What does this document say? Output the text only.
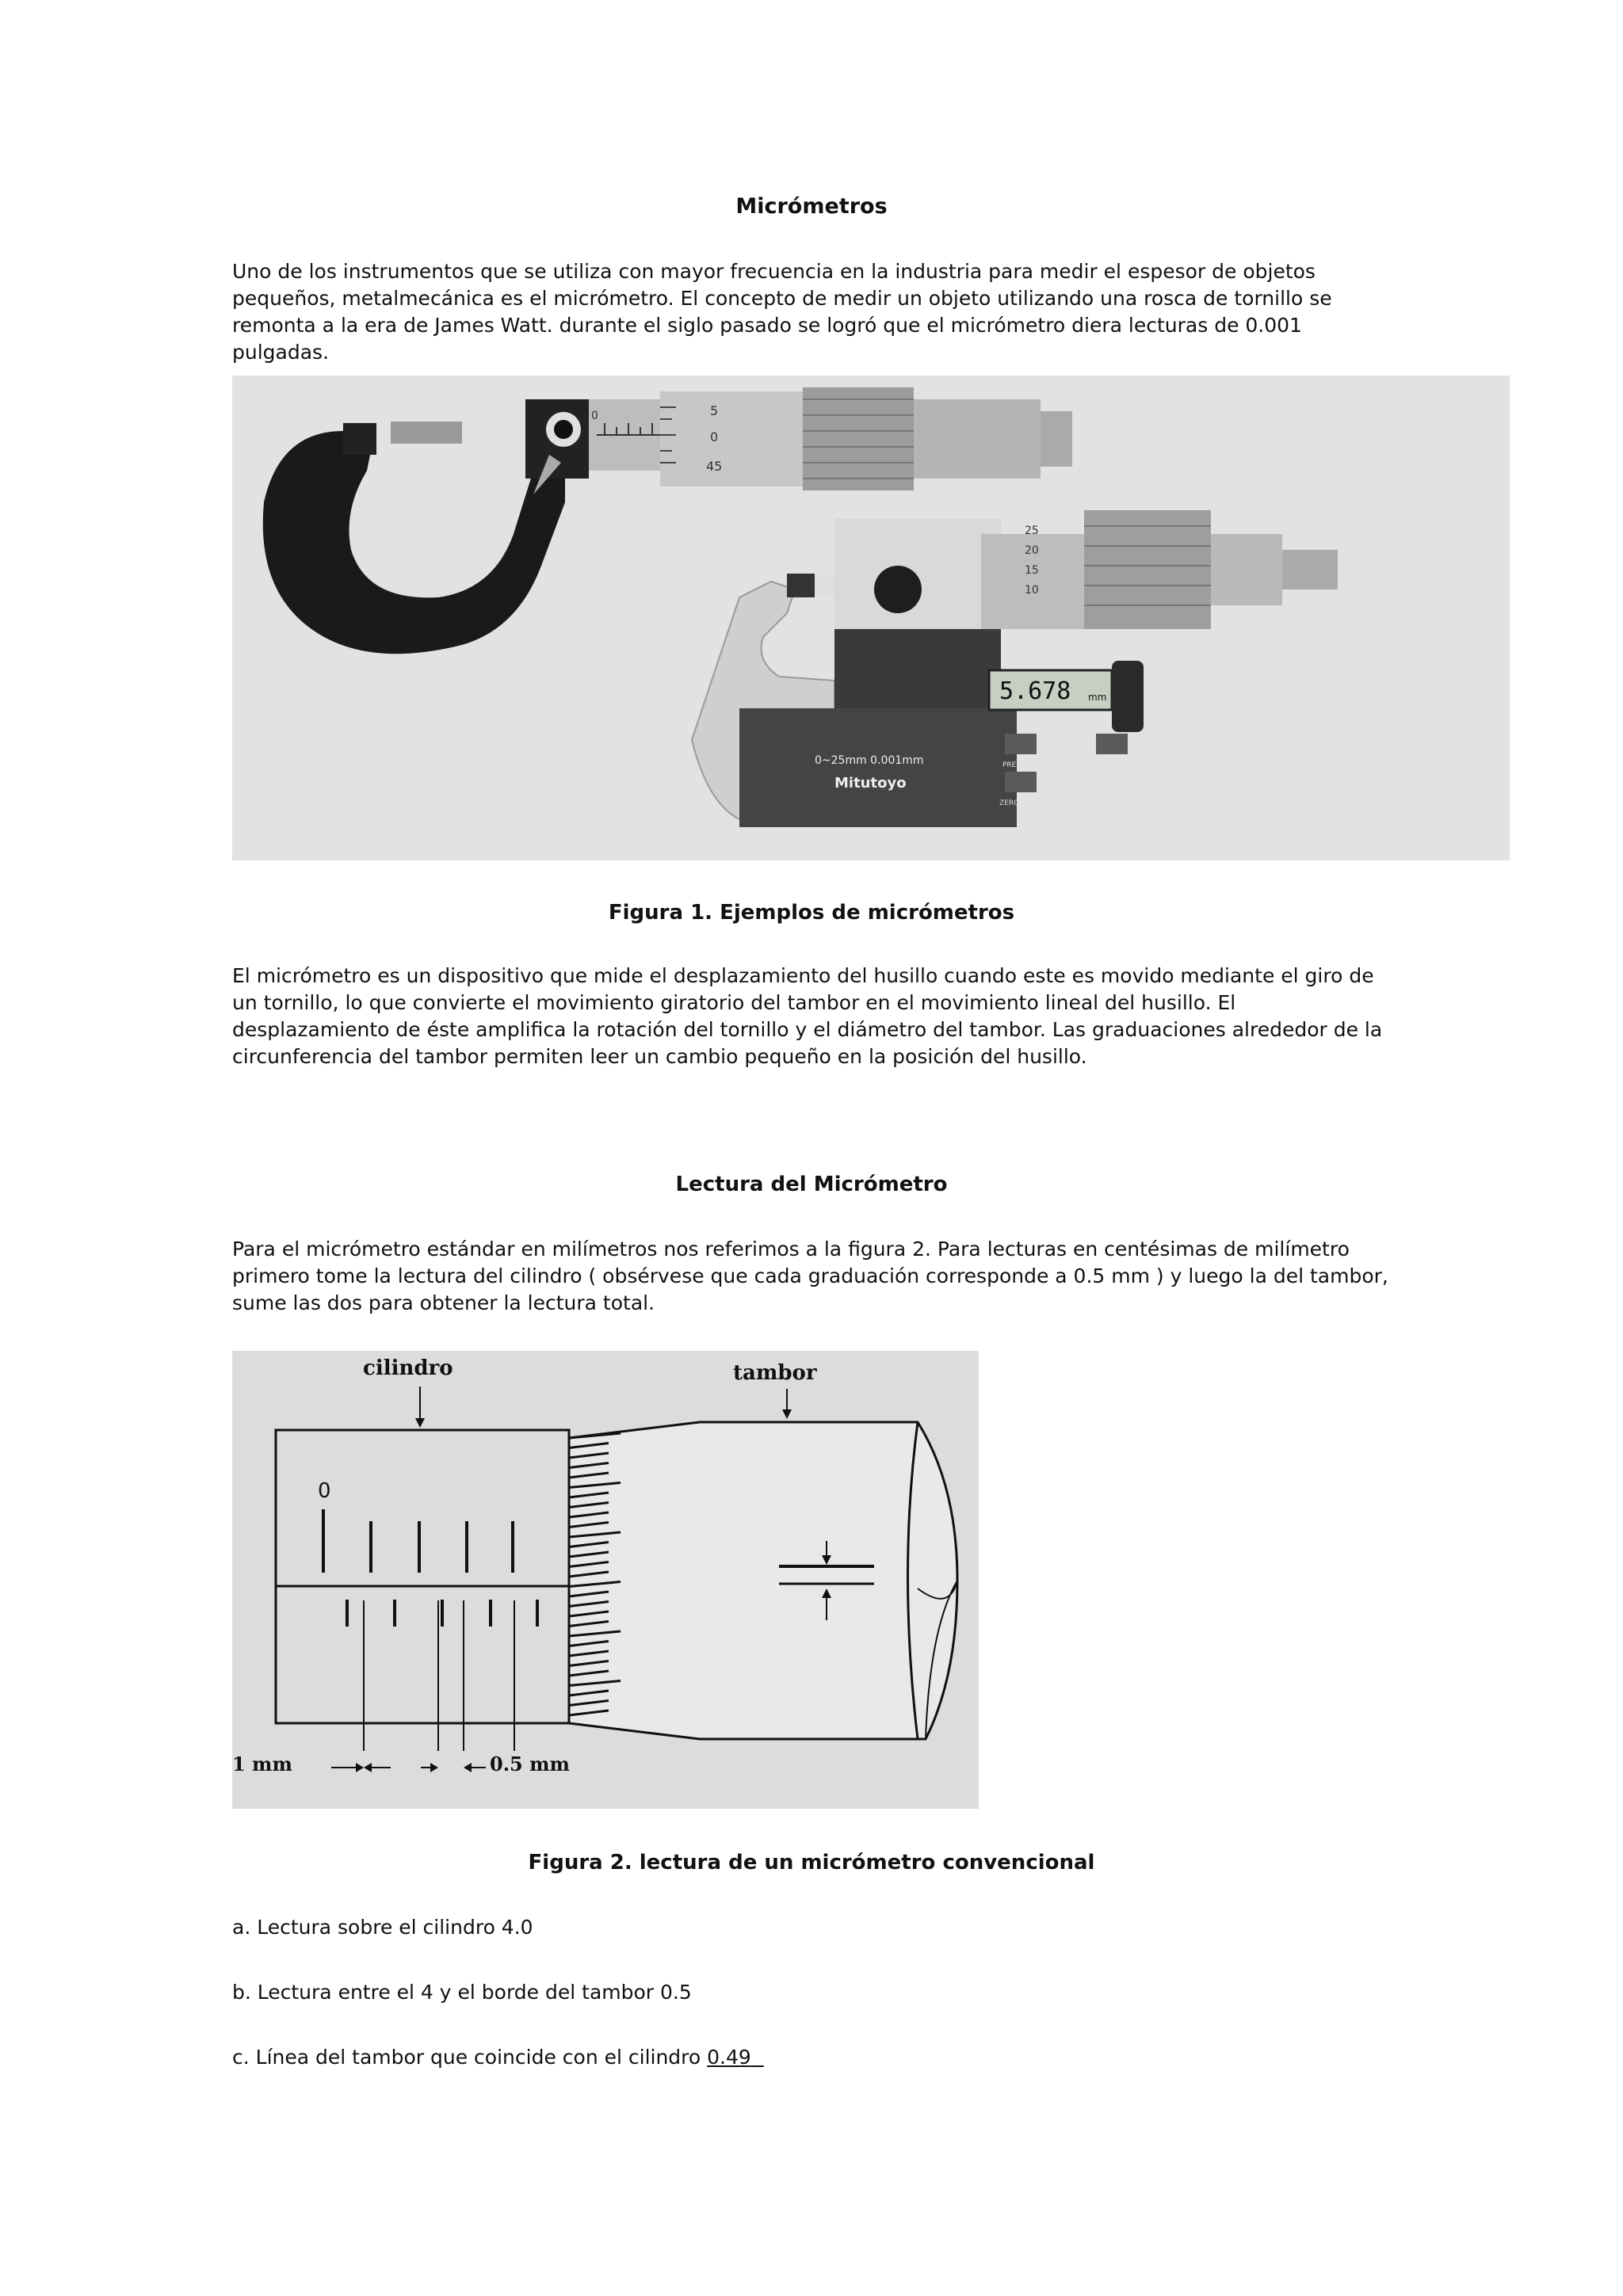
Micrómetros
Uno de los instrumentos que se utiliza con mayor frecuencia en la industria para medir el espesor de objetos pequeños, metalmecánica es el micrómetro. El concepto de medir un objeto utilizando una rosca de tornillo se remonta a la era de James Watt. durante el siglo pasado se logró que el micrómetro diera lecturas de 0.001 pulgadas.
0	5
0
45
25
20
15
10
5.678 mm
PRESET	HOLD
ZERO ABS
0~25mm 0.001mm
Mitutoyo
Figura 1. Ejemplos de micrómetros
El micrómetro es un dispositivo que mide el desplazamiento del husillo cuando este es movido mediante el giro de un tornillo, lo que convierte el movimiento giratorio del tambor en el movimiento lineal del husillo. El desplazamiento de éste amplifica la rotación del tornillo y el diámetro del tambor. Las graduaciones alrededor de la circunferencia del tambor permiten leer un cambio pequeño en la posición del husillo.
Lectura del Micrómetro
Para el micrómetro estándar en milímetros nos referimos a la figura 2. Para lecturas en centésimas de milímetro primero tome la lectura del cilindro ( obsérvese que cada graduación corresponde a 0.5 mm ) y luego la del tambor, sume las dos para obtener la lectura total.
cilindro	tambor
1 mm	0.5 mm
0
Figura 2. lectura de un micrómetro convencional
a. Lectura sobre el cilindro 4.0
b. Lectura entre el 4 y el borde del tambor 0.5
c. Línea del tambor que coincide con el cilindro 0.49
